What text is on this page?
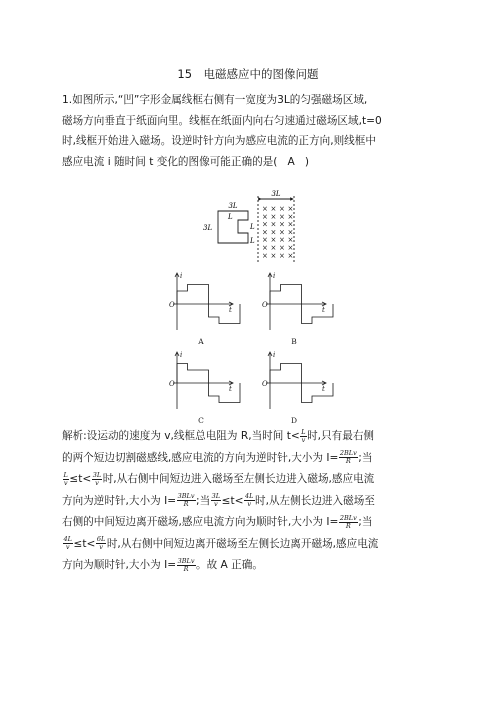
15　电磁感应中的图像问题

1.如图所示,“凹”字形金属线框右侧有一宽度为3L的匀强磁场区域,
磁场方向垂直于纸面向里。线框在纸面内向右匀速通过磁场区域,t=0
时,线框开始进入磁场。设逆时针方向为感应电流的正方向,则线框中
感应电流 i 随时间 t 变化的图像可能正确的是( A )

3L
3L
3L
L
L
L
× × × ×
× × × ×
× × × ×
× × × ×
× × × ×
× × × ×
× × × ×
i
t
O
A
i
t
O
B
i
t
O
C
i
t
O
D

解析:设运动的速度为 v,线框总电阻为 R,当时间 $t< \frac{L}{v}$ 时,只有最右侧
的两个短边切割磁感线,感应电流的方向为逆时针,大小为 $I= \frac{\text{2BLv}}{R}$ ;当
$\frac{L}{v} \le t< \frac{3L}{v}$ 时,从右侧中间短边进入磁场至左侧长边进入磁场,感应电流
方向为逆时针,大小为 $I= \frac{\text{3BLv}}{R}$ ;当 $\frac{3L}{v} \le t< \frac{4L}{v}$ 时,从左侧长边进入磁场至
右侧的中间短边离开磁场,感应电流方向为顺时针,大小为 $I= \frac{\text{2BLv}}{R}$ ;当
$\frac{4L}{v} \le t< \frac{6L}{v}$ 时,从右侧中间短边离开磁场至左侧长边离开磁场,感应电流
方向为顺时针,大小为 $I= \frac{\text{3BLv}}{R}$ 。故 A 正确。
